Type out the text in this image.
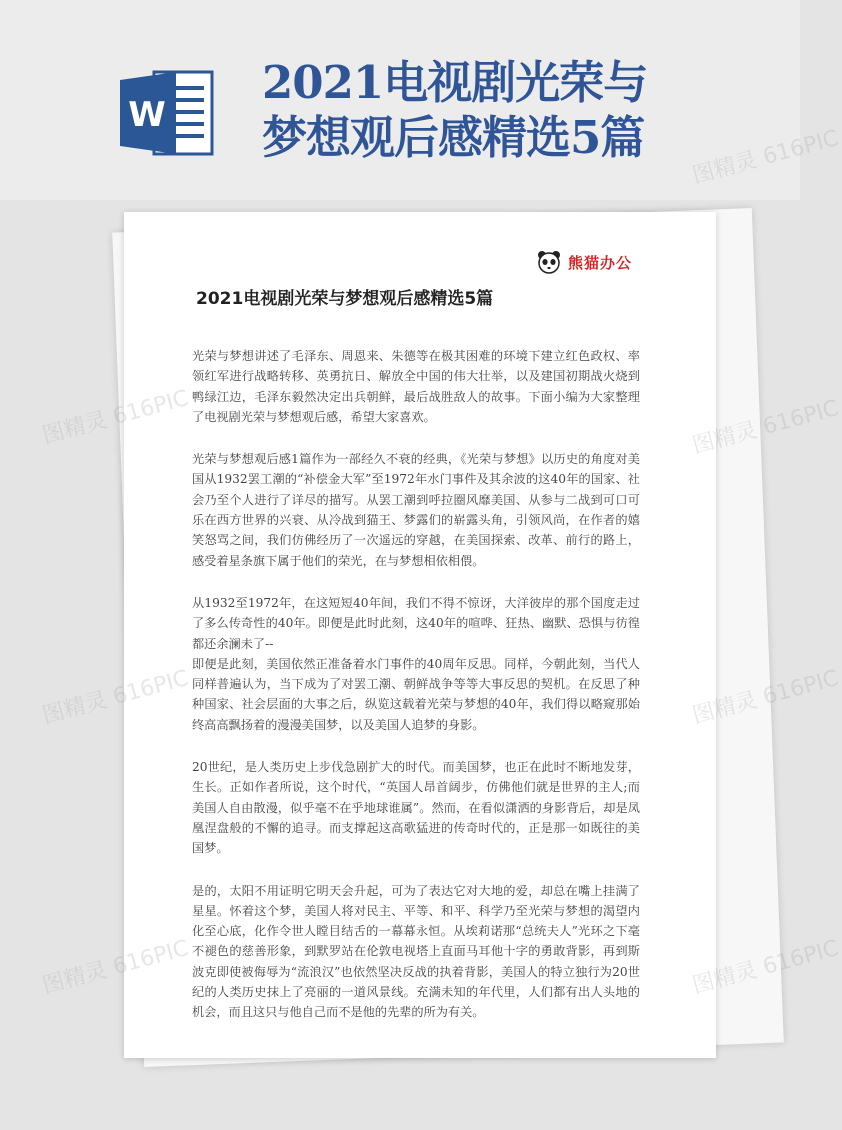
W
2021电视剧光荣与
梦想观后感精选5篇
熊猫办公
2021电视剧光荣与梦想观后感精选5篇

光荣与梦想讲述了毛泽东、周恩来、朱德等在极其困难的环境下建立红色政权、率领红军进行战略转移、英勇抗日、解放全中国的伟大壮举，以及建国初期战火烧到鸭绿江边，毛泽东毅然决定出兵朝鲜，最后战胜敌人的故事。下面小编为大家整理了电视剧光荣与梦想观后感，希望大家喜欢。

光荣与梦想观后感1篇作为一部经久不衰的经典，《光荣与梦想》以历史的角度对美国从1932罢工潮的“补偿金大军”至1972年水门事件及其余波的这40年的国家、社会乃至个人进行了详尽的描写。从罢工潮到呼拉圈风靡美国、从参与二战到可口可乐在西方世界的兴衰、从冷战到猫王、梦露们的崭露头角，引领风尚，在作者的嬉笑怒骂之间，我们仿佛经历了一次遥远的穿越，在美国探索、改革、前行的路上，感受着星条旗下属于他们的荣光，在与梦想相依相偎。

从1932至1972年，在这短短40年间，我们不得不惊讶，大洋彼岸的那个国度走过了多么传奇性的40年。即便是此时此刻，这40年的喧哗、狂热、幽默、恐惧与彷徨都还余澜未了--

即便是此刻，美国依然正准备着水门事件的40周年反思。同样，今朝此刻，当代人同样普遍认为，当下成为了对罢工潮、朝鲜战争等等大事反思的契机。在反思了种种国家、社会层面的大事之后，纵览这载着光荣与梦想的40年，我们得以略窥那始终高高飘扬着的漫漫美国梦，以及美国人追梦的身影。

20世纪，是人类历史上步伐急剧扩大的时代。而美国梦，也正在此时不断地发芽，生长。正如作者所说，这个时代，“英国人昂首阔步，仿佛他们就是世界的主人;而美国人自由散漫，似乎毫不在乎地球谁属”。然而，在看似潇洒的身影背后，却是凤凰涅盘般的不懈的追寻。而支撑起这高歌猛进的传奇时代的，正是那一如既往的美国梦。

是的，太阳不用证明它明天会升起，可为了表达它对大地的爱，却总在嘴上挂满了星星。怀着这个梦，美国人将对民主、平等、和平、科学乃至光荣与梦想的渴望内化至心底，化作令世人瞠目结舌的一幕幕永恒。从埃莉诺那“总统夫人”光环之下毫不褪色的慈善形象，到默罗站在伦敦电视塔上直面马耳他十字的勇敢背影，再到斯波克即使被侮辱为“流浪汉”也依然坚决反战的执着背影，美国人的特立独行为20世纪的人类历史抹上了亮丽的一道风景线。充满未知的年代里，人们都有出人头地的机会，而且这只与他自己而不是他的先辈的所为有关。

图精灵 616PIC
图精灵 616PIC	图精灵 616PIC
图精灵 616PIC	图精灵 616PIC
图精灵 616PIC	图精灵 616PIC
